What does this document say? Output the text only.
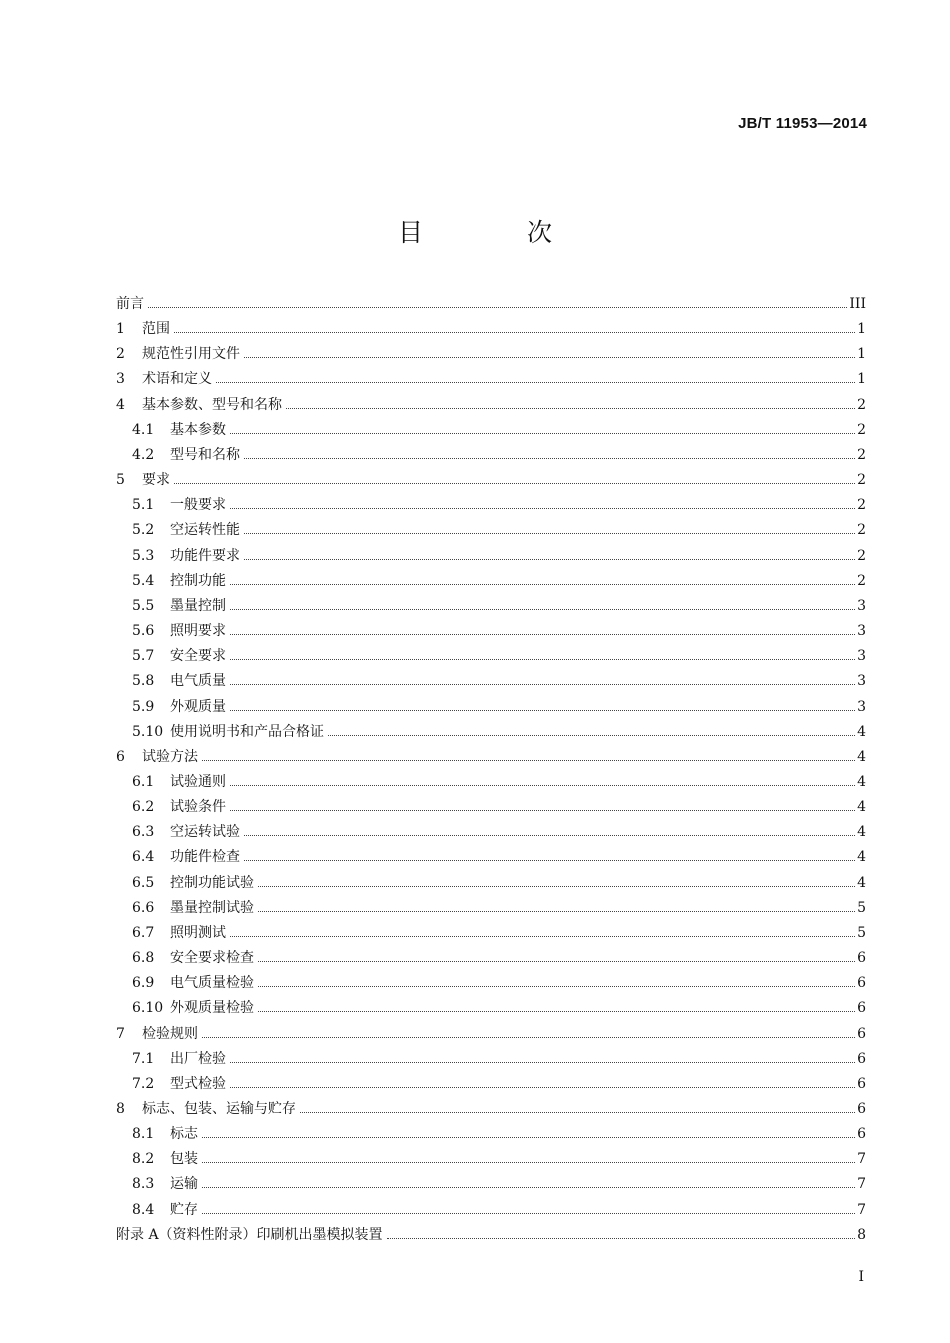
JB/T 11953—2014
目 次
前言	III
1	范围	1
2	规范性引用文件	1
3	术语和定义	1
4	基本参数、型号和名称	2
4.1	基本参数	2
4.2	型号和名称	2
5	要求	2
5.1	一般要求	2
5.2	空运转性能	2
5.3	功能件要求	2
5.4	控制功能	2
5.5	墨量控制	3
5.6	照明要求	3
5.7	安全要求	3
5.8	电气质量	3
5.9	外观质量	3
5.10 使用说明书和产品合格证	4
6	试验方法	4
6.1	试验通则	4
6.2	试验条件	4
6.3	空运转试验	4
6.4	功能件检查	4
6.5	控制功能试验	4
6.6	墨量控制试验	5
6.7	照明测试	5
6.8	安全要求检查	6
6.9	电气质量检验	6
6.10 外观质量检验	6
7	检验规则	6
7.1	出厂检验	6
7.2	型式检验	6
8	标志、包装、运输与贮存	6
8.1	标志	6
8.2	包装	7
8.3	运输	7
8.4	贮存	7
附录 A（资料性附录）印刷机出墨模拟装置	8
I
